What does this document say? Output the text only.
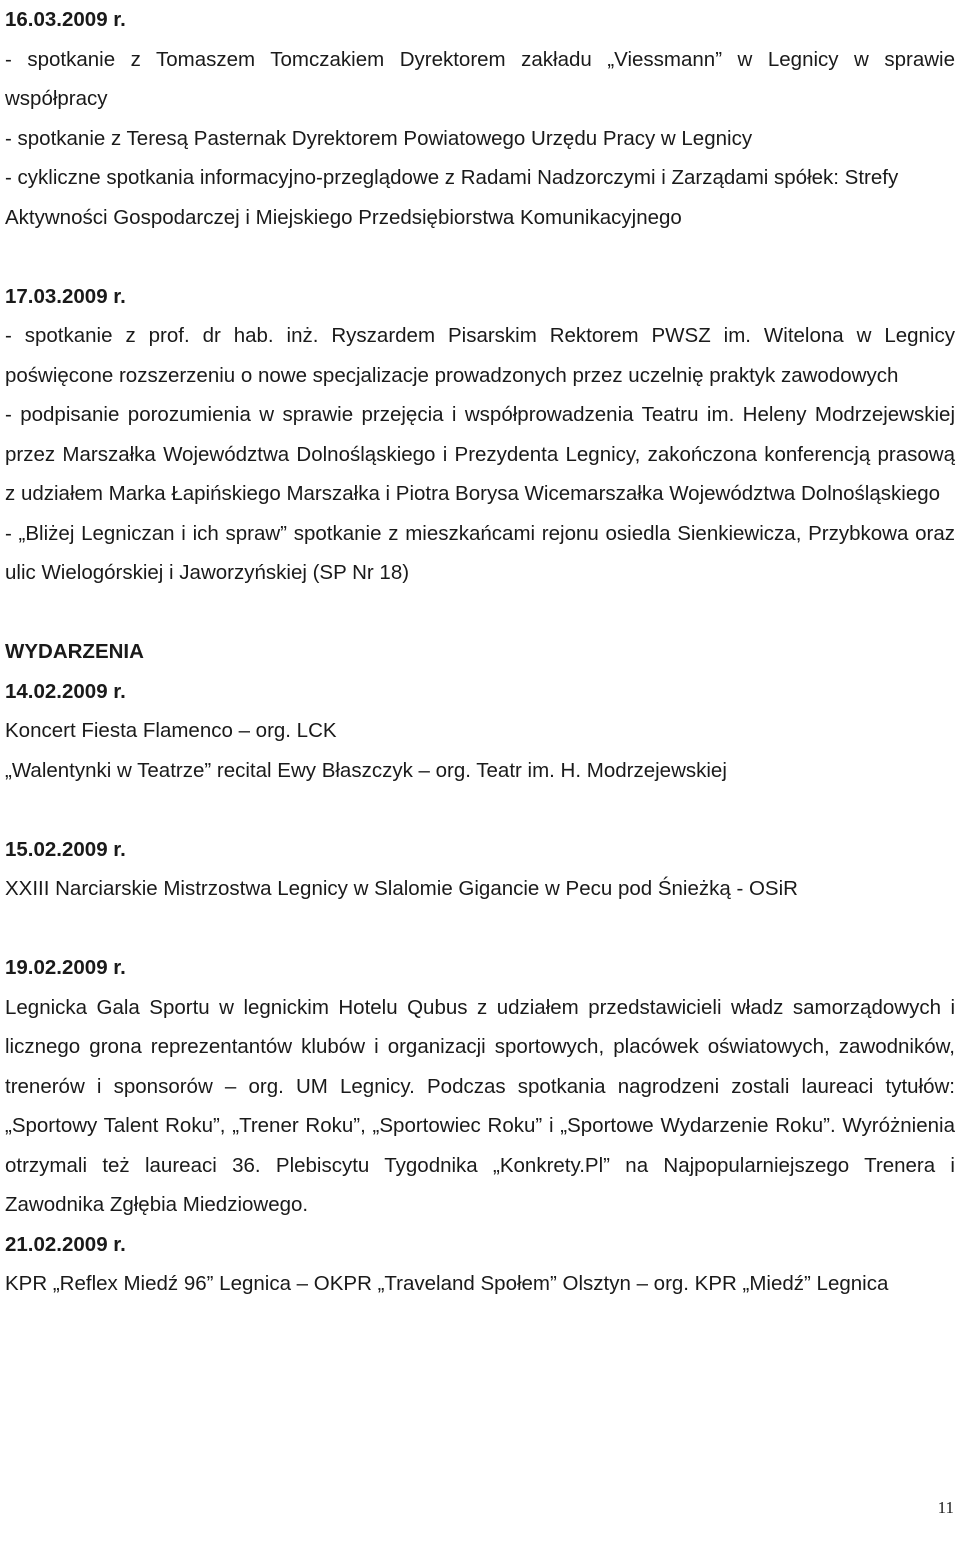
16.03.2009 r.

- spotkanie z Tomaszem Tomczakiem Dyrektorem zakładu „Viessmann” w Legnicy w sprawie współpracy

- spotkanie z Teresą Pasternak Dyrektorem Powiatowego Urzędu Pracy w Legnicy

- cykliczne spotkania informacyjno-przeglądowe z Radami Nadzorczymi i Zarządami spółek: Strefy Aktywności Gospodarczej i Miejskiego Przedsiębiorstwa Komunikacyjnego

17.03.2009 r.

- spotkanie z prof. dr hab. inż. Ryszardem Pisarskim Rektorem PWSZ im. Witelona w Legnicy poświęcone rozszerzeniu o nowe specjalizacje prowadzonych przez uczelnię praktyk zawodowych

- podpisanie porozumienia w sprawie przejęcia i współprowadzenia Teatru im. Heleny Modrzejewskiej przez Marszałka Województwa Dolnośląskiego i Prezydenta Legnicy, zakończona konferencją prasową z udziałem Marka Łapińskiego Marszałka i Piotra Borysa Wicemarszałka Województwa Dolnośląskiego

- „Bliżej Legniczan i ich spraw” spotkanie z mieszkańcami rejonu osiedla Sienkiewicza, Przybkowa oraz ulic Wielogórskiej i Jaworzyńskiej (SP Nr 18)

WYDARZENIA

14.02.2009 r.

Koncert Fiesta Flamenco – org. LCK

„Walentynki w Teatrze” recital Ewy Błaszczyk – org. Teatr im. H. Modrzejewskiej

15.02.2009 r.

XXIII Narciarskie Mistrzostwa Legnicy w Slalomie Gigancie w Pecu pod Śnieżką - OSiR

19.02.2009 r.

Legnicka Gala Sportu w legnickim Hotelu Qubus z udziałem przedstawicieli władz samorządowych i licznego grona reprezentantów klubów i organizacji sportowych, placówek oświatowych, zawodników, trenerów i sponsorów – org. UM Legnicy. Podczas spotkania nagrodzeni zostali laureaci tytułów: „Sportowy Talent Roku”, „Trener Roku”, „Sportowiec Roku” i „Sportowe Wydarzenie Roku”. Wyróżnienia otrzymali też laureaci 36. Plebiscytu Tygodnika „Konkrety.Pl” na Najpopularniejszego Trenera i Zawodnika Zgłębia Miedziowego.

21.02.2009 r.

KPR „Reflex Miedź 96” Legnica – OKPR „Traveland Społem” Olsztyn – org. KPR „Miedź” Legnica

11
